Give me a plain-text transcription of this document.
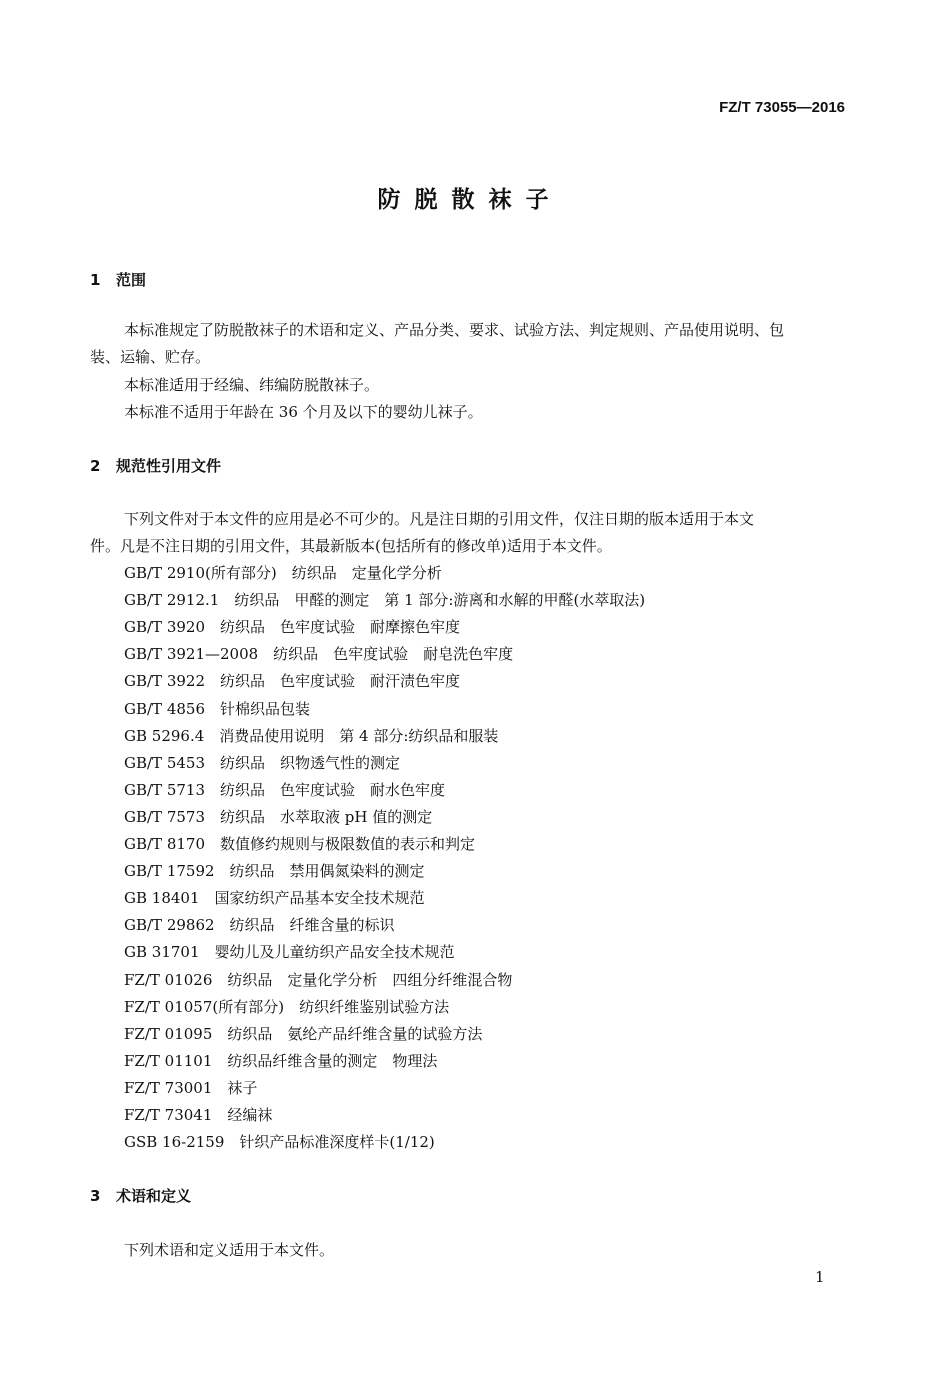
FZ/T 73055—2016
防脱散袜子
1 范围
本标准规定了防脱散袜子的术语和定义、产品分类、要求、试验方法、判定规则、产品使用说明、包
装、运输、贮存。
本标准适用于经编、纬编防脱散袜子。
本标准不适用于年龄在 36 个月及以下的婴幼儿袜子。
2 规范性引用文件
下列文件对于本文件的应用是必不可少的。凡是注日期的引用文件，仅注日期的版本适用于本文
件。凡是不注日期的引用文件，其最新版本(包括所有的修改单)适用于本文件。
GB/T 2910(所有部分)　纺织品　定量化学分析
GB/T 2912.1　纺织品　甲醛的测定　第 1 部分:游离和水解的甲醛(水萃取法)
GB/T 3920　纺织品　色牢度试验　耐摩擦色牢度
GB/T 3921—2008　纺织品　色牢度试验　耐皂洗色牢度
GB/T 3922　纺织品　色牢度试验　耐汗渍色牢度
GB/T 4856　针棉织品包装
GB 5296.4　消费品使用说明　第 4 部分:纺织品和服装
GB/T 5453　纺织品　织物透气性的测定
GB/T 5713　纺织品　色牢度试验　耐水色牢度
GB/T 7573　纺织品　水萃取液 pH 值的测定
GB/T 8170　数值修约规则与极限数值的表示和判定
GB/T 17592　纺织品　禁用偶氮染料的测定
GB 18401　国家纺织产品基本安全技术规范
GB/T 29862　纺织品　纤维含量的标识
GB 31701　婴幼儿及儿童纺织产品安全技术规范
FZ/T 01026　纺织品　定量化学分析　四组分纤维混合物
FZ/T 01057(所有部分)　纺织纤维鉴别试验方法
FZ/T 01095　纺织品　氨纶产品纤维含量的试验方法
FZ/T 01101　纺织品纤维含量的测定　物理法
FZ/T 73001　袜子
FZ/T 73041　经编袜
GSB 16-2159　针织产品标准深度样卡(1/12)
3 术语和定义
下列术语和定义适用于本文件。
1
